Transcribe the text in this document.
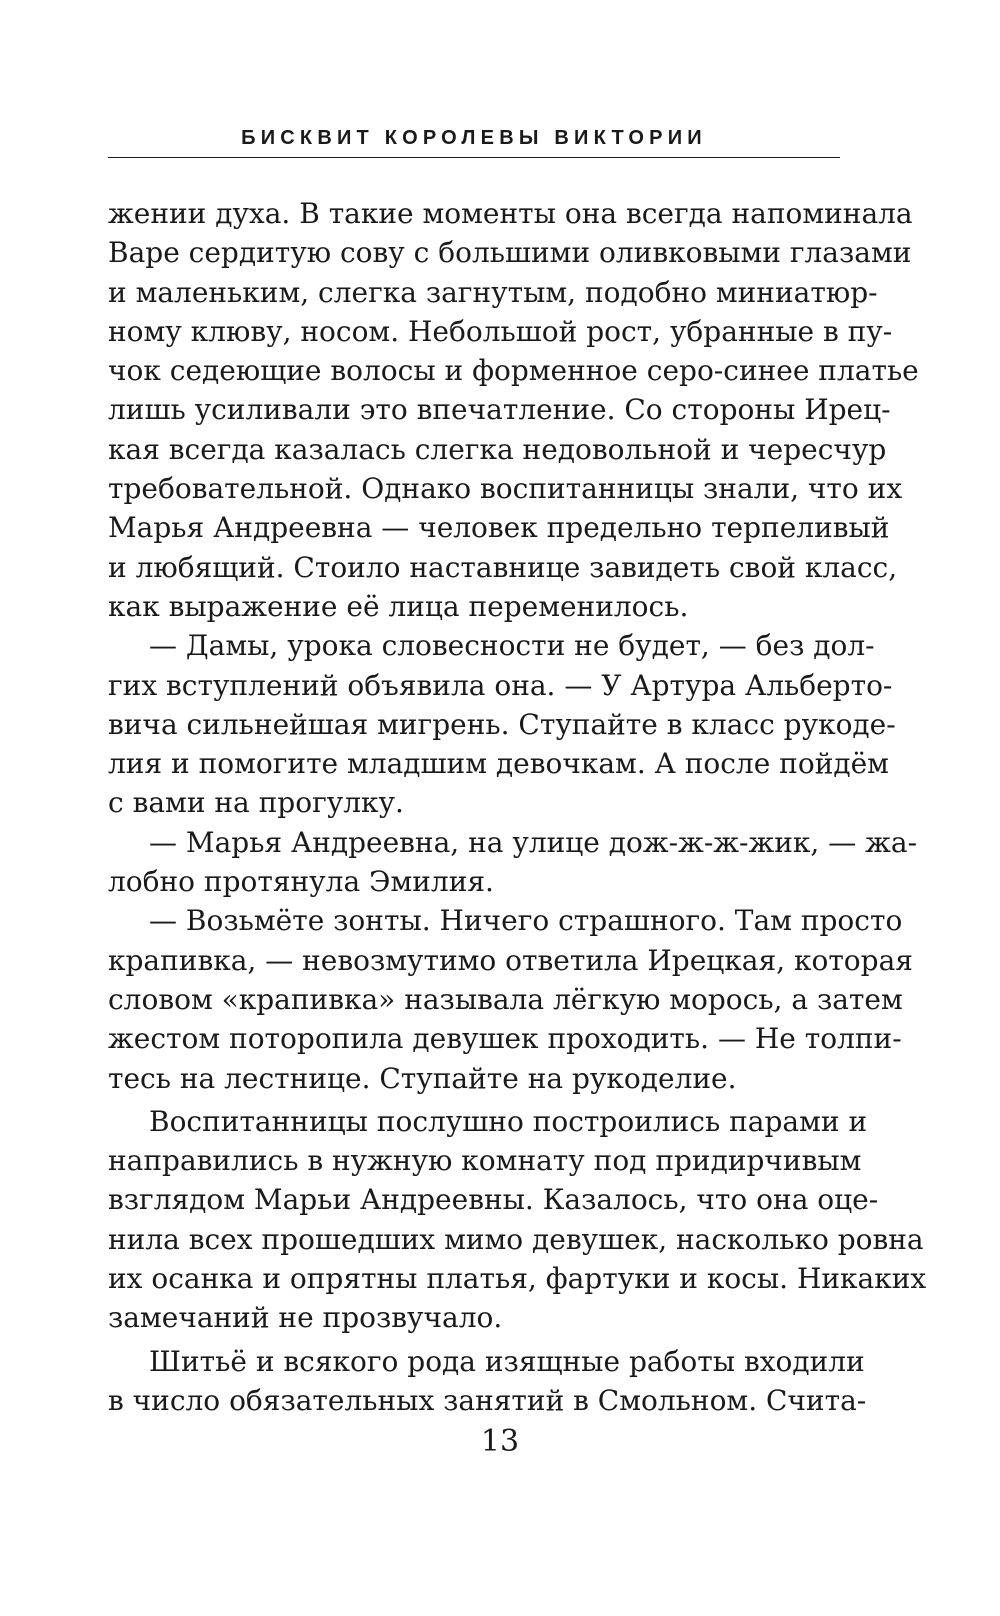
БИСКВИТ КОРОЛЕВЫ ВИКТОРИИ
жении духа. В такие моменты она всегда напоминала
Варе сердитую сову с большими оливковыми глазами
и маленьким, слегка загнутым, подобно миниатюр-
ному клюву, носом. Небольшой рост, убранные в пу-
чок седеющие волосы и форменное серо-синее платье
лишь усиливали это впечатление. Со стороны Ирец-
кая всегда казалась слегка недовольной и чересчур
требовательной. Однако воспитанницы знали, что их
Марья Андреевна — человек предельно терпеливый
и любящий. Стоило наставнице завидеть свой класс,
как выражение её лица переменилось.
— Дамы, урока словесности не будет, — без дол-
гих вступлений объявила она. — У Артура Альберто-
вича сильнейшая мигрень. Ступайте в класс рукоде-
лия и помогите младшим девочкам. А после пойдём
с вами на прогулку.
— Марья Андреевна, на улице дож-ж-ж-жик, — жа-
лобно протянула Эмилия.
— Возьмёте зонты. Ничего страшного. Там просто
крапивка, — невозмутимо ответила Ирецкая, которая
словом «крапивка» называла лёгкую морось, а затем
жестом поторопила девушек проходить. — Не толпи-
тесь на лестнице. Ступайте на рукоделие.
Воспитанницы послушно построились парами и
направились в нужную комнату под придирчивым
взглядом Марьи Андреевны. Казалось, что она оце-
нила всех прошедших мимо девушек, насколько ровна
их осанка и опрятны платья, фартуки и косы. Никаких
замечаний не прозвучало.
Шитьё и всякого рода изящные работы входили
в число обязательных занятий в Смольном. Счита-
13
